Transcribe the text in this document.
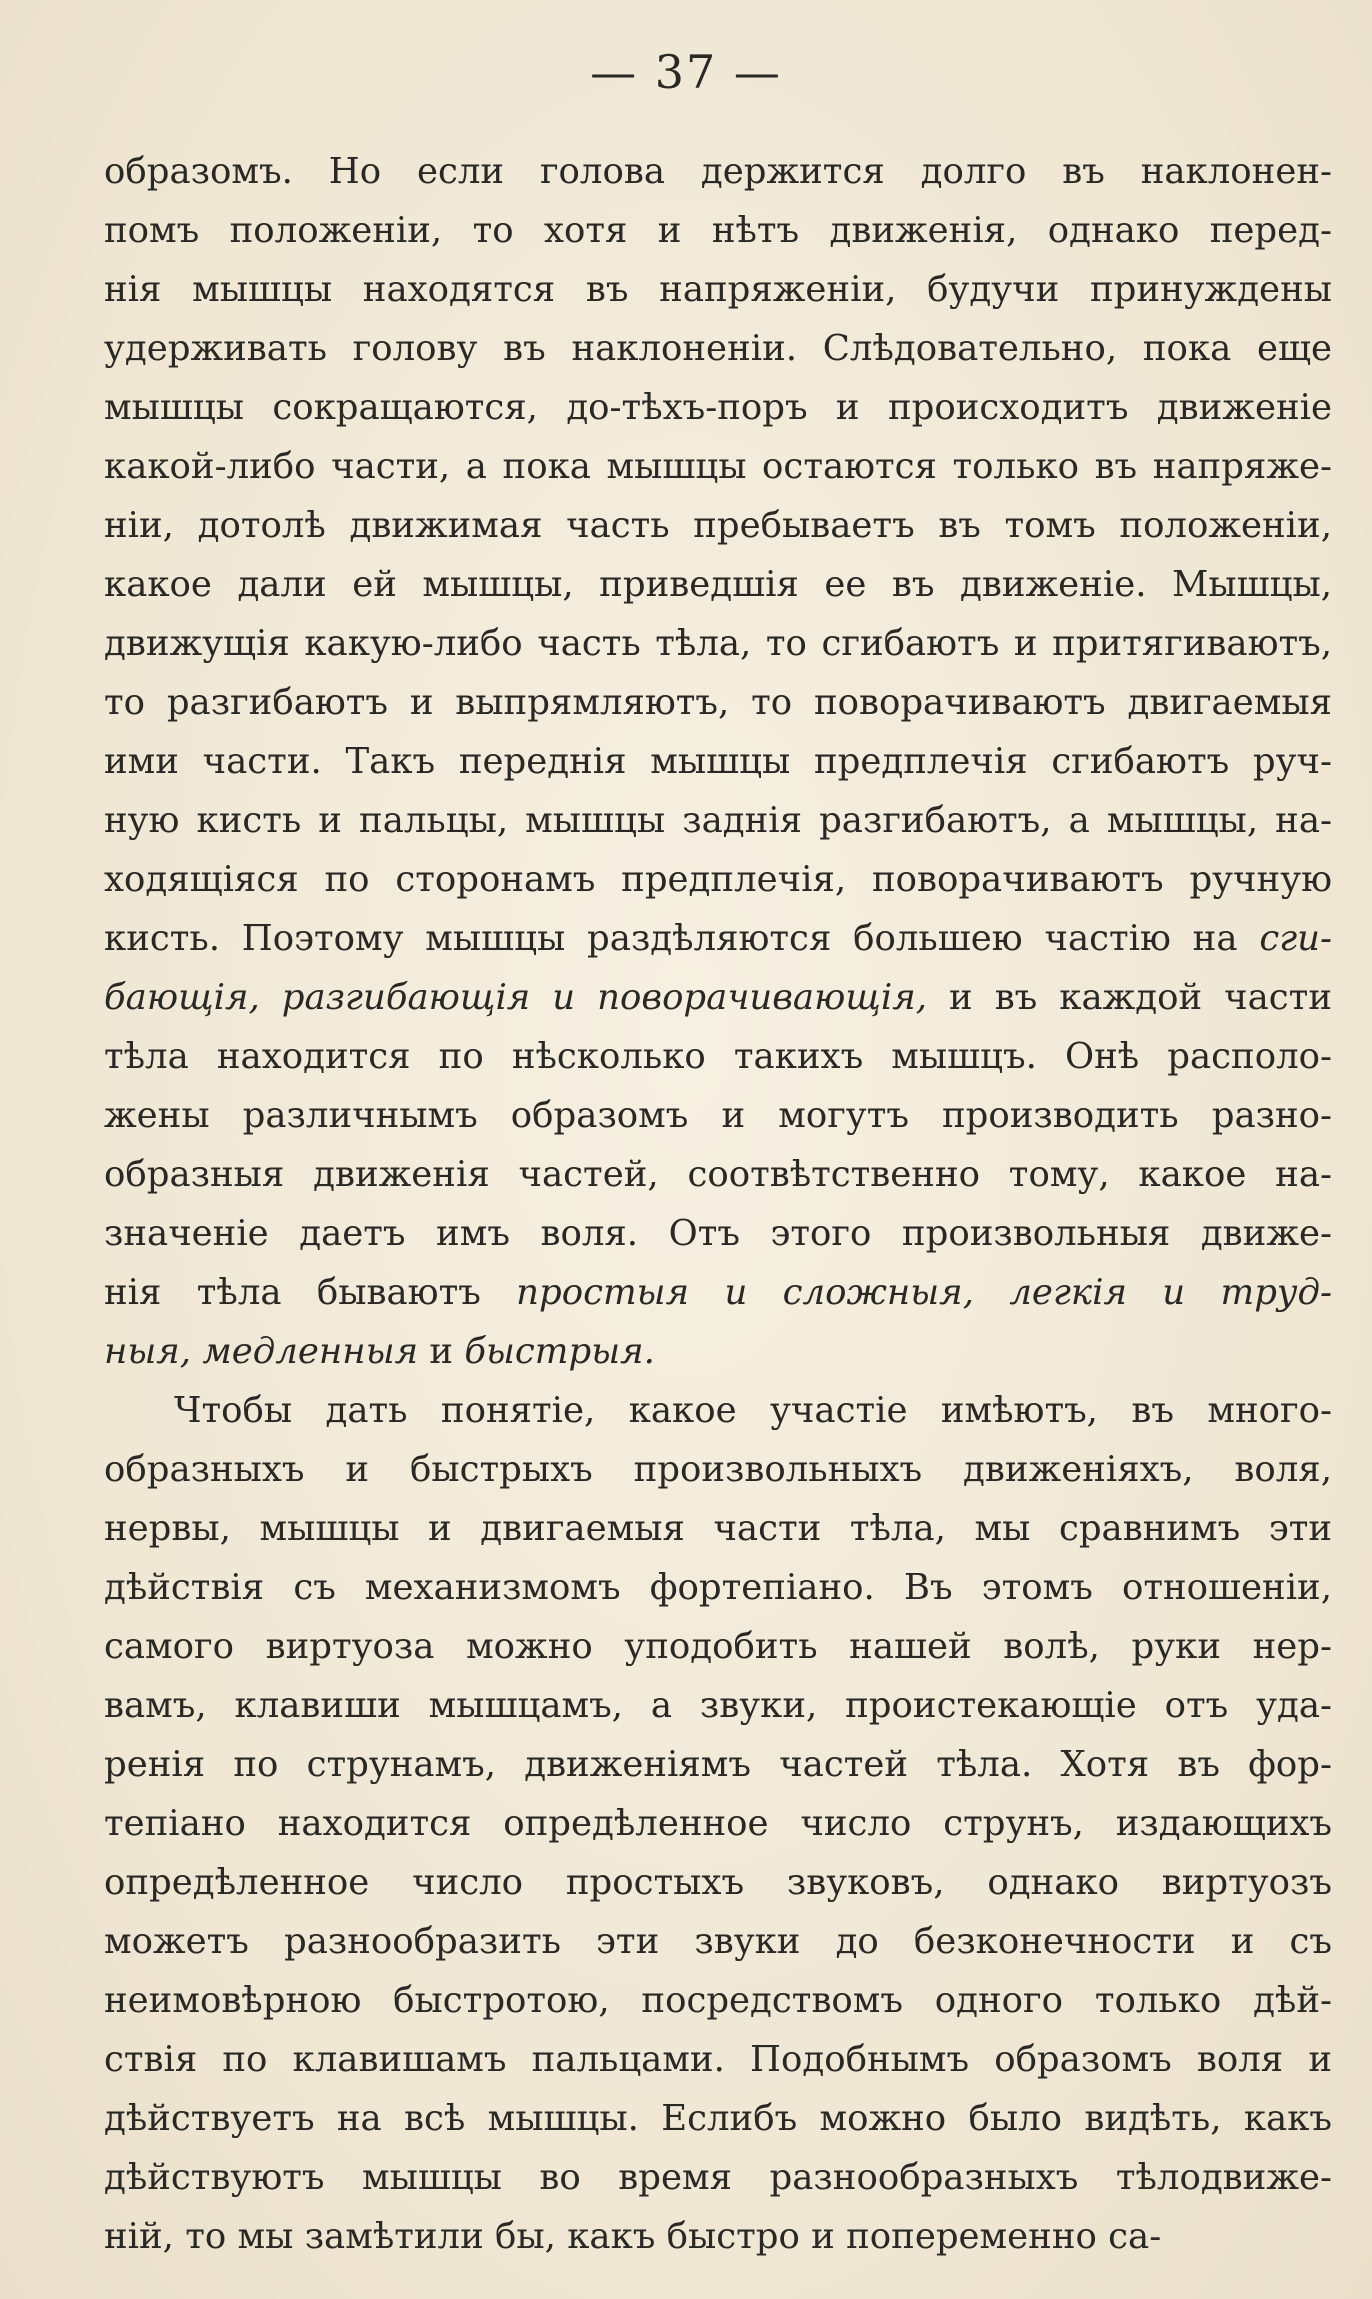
— 37 —
образомъ. Но если голова держится долго въ наклонен-
помъ положеніи, то хотя и нѣтъ движенія, однако перед-
нія мышцы находятся въ напряженіи, будучи принуждены
удерживать голову въ наклоненіи. Слѣдовательно, пока еще
мышцы сокращаются, до-тѣхъ-поръ и происходитъ движеніе
какой-либо части, а пока мышцы остаются только въ напряже-
ніи, дотолѣ движимая часть пребываетъ въ томъ положеніи,
какое дали ей мышцы, приведшія ее въ движеніе. Мышцы,
движущія какую-либо часть тѣла, то сгибаютъ и притягиваютъ,
то разгибаютъ и выпрямляютъ, то поворачиваютъ двигаемыя
ими части. Такъ переднія мышцы предплечія сгибаютъ руч-
ную кисть и пальцы, мышцы заднія разгибаютъ, а мышцы, на-
ходящіяся по сторонамъ предплечія, поворачиваютъ ручную
кисть. Поэтому мышцы раздѣляются большею частію на сги-
бающія, разгибающія и поворачивающія, и въ каждой части
тѣла находится по нѣсколько такихъ мышцъ. Онѣ располо-
жены различнымъ образомъ и могутъ производить разно-
образныя движенія частей, соотвѣтственно тому, какое на-
значеніе даетъ имъ воля. Отъ этого произвольныя движе-
нія тѣла бываютъ простыя и сложныя, легкія и труд-
ныя, медленныя и быстрыя.
Чтобы дать понятіе, какое участіе имѣютъ, въ много-
образныхъ и быстрыхъ произвольныхъ движеніяхъ, воля,
нервы, мышцы и двигаемыя части тѣла, мы сравнимъ эти
дѣйствія съ механизмомъ фортепіано. Въ этомъ отношеніи,
самого виртуоза можно уподобить нашей волѣ, руки нер-
вамъ, клавиши мышцамъ, а звуки, проистекающіе отъ уда-
ренія по струнамъ, движеніямъ частей тѣла. Хотя въ фор-
тепіано находится опредѣленное число струнъ, издающихъ
опредѣленное число простыхъ звуковъ, однако виртуозъ
можетъ разнообразить эти звуки до безконечности и съ
неимовѣрною быстротою, посредствомъ одного только дѣй-
ствія по клавишамъ пальцами. Подобнымъ образомъ воля и
дѣйствуетъ на всѣ мышцы. Еслибъ можно было видѣть, какъ
дѣйствуютъ мышцы во время разнообразныхъ тѣлодвиже-
ній, то мы замѣтили бы, какъ быстро и попеременно са-
